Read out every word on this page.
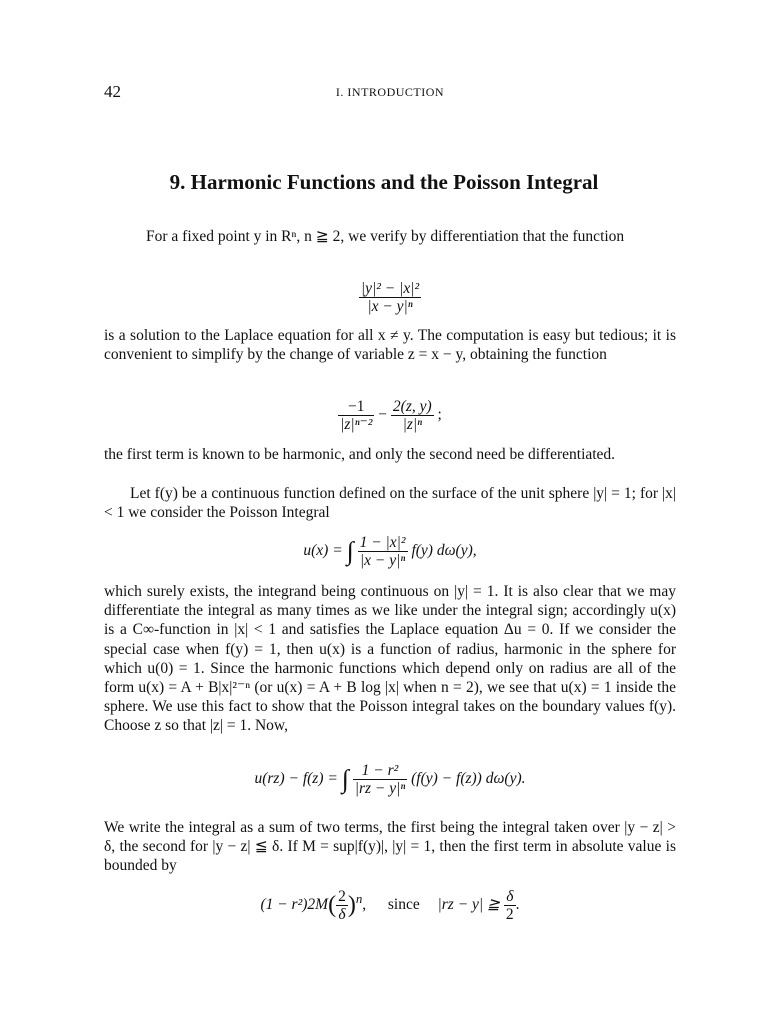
42	I. INTRODUCTION
9. Harmonic Functions and the Poisson Integral
For a fixed point y in Rⁿ, n ≧ 2, we verify by differentiation that the function
$\frac{\text{|y|² − |x|²}}{\text{|x − y|ⁿ}}$
is a solution to the Laplace equation for all x ≠ y. The computation is easy but tedious; it is convenient to simplify by the change of variable z = x − y, obtaining the function
$\frac{-1}{\text{|z|ⁿ⁻²}} - \frac{2(z, y)}{\text{|z|ⁿ}}$ ;
the first term is known to be harmonic, and only the second need be differentiated.
Let f(y) be a continuous function defined on the surface of the unit sphere |y| = 1; for |x| < 1 we consider the Poisson Integral
u(x) = ∫ $\frac{\text{1 − |x|²}}{\text{|x − y|ⁿ}} f(y)$ dω(y),
which surely exists, the integrand being continuous on |y| = 1. It is also clear that we may differentiate the integral as many times as we like under the integral sign; accordingly u(x) is a C∞-function in |x| < 1 and satisfies the Laplace equation Δu = 0. If we consider the special case when f(y) = 1, then u(x) is a function of radius, harmonic in the sphere for which u(0) = 1. Since the harmonic functions which depend only on radius are all of the form u(x) = A + B|x|²⁻ⁿ (or u(x) = A + B log |x| when n = 2), we see that u(x) = 1 inside the sphere. We use this fact to show that the Poisson integral takes on the boundary values f(y). Choose z so that |z| = 1. Now,
u(rz) − f(z) = ∫ $\frac{\text{1 − r²}}{\text{|rz − y|ⁿ}} (f(y) - f(z))$ dω(y).
We write the integral as a sum of two terms, the first being the integral taken over |y − z| > δ, the second for |y − z| ≦ δ. If M = sup|f(y)|, |y| = 1, then the first term in absolute value is bounded by
$(1 - r^2)2M( \frac{2}{\delta} )^n$, since |rz − y| ≧ $\frac{\delta}{2}$ .
